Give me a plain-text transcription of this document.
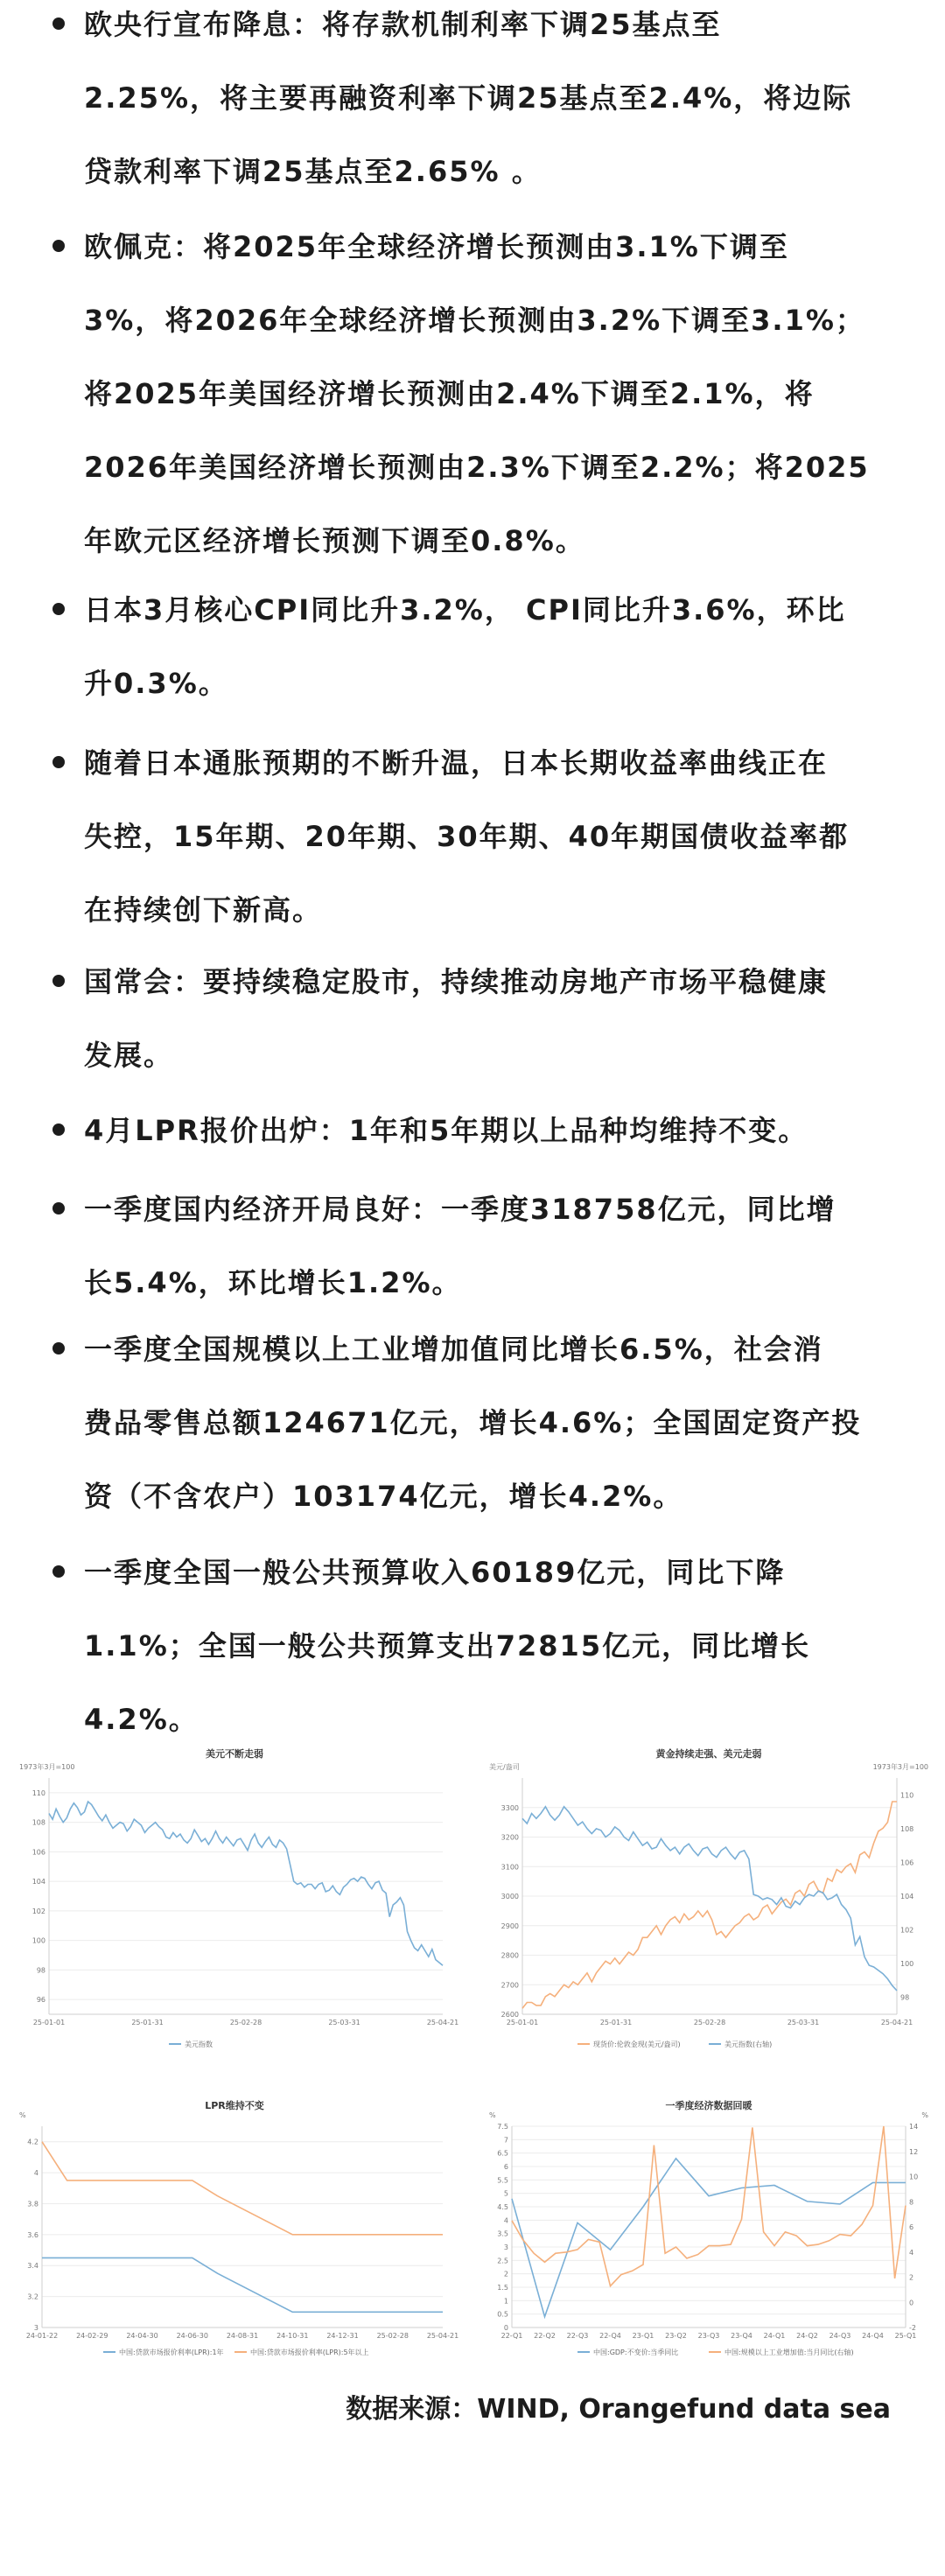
欧央行宣布降息：将存款机制利率下调25基点至
2.25%，将主要再融资利率下调25基点至2.4%，将边际
贷款利率下调25基点至2.65% 。
欧佩克：将2025年全球经济增长预测由3.1%下调至
3%，将2026年全球经济增长预测由3.2%下调至3.1%；
将2025年美国经济增长预测由2.4%下调至2.1%，将
2026年美国经济增长预测由2.3%下调至2.2%；将2025
年欧元区经济增长预测下调至0.8%。
日本3月核心CPI同比升3.2%， CPI同比升3.6%，环比
升0.3%。
随着日本通胀预期的不断升温，日本长期收益率曲线正在
失控，15年期、20年期、30年期、40年期国债收益率都
在持续创下新高。
国常会：要持续稳定股市，持续推动房地产市场平稳健康
发展。
4月LPR报价出炉：1年和5年期以上品种均维持不变。
一季度国内经济开局良好：一季度318758亿元，同比增
长5.4%，环比增长1.2%。
一季度全国规模以上工业增加值同比增长6.5%，社会消
费品零售总额124671亿元，增长4.6%；全国固定资产投
资（不含农户）103174亿元，增长4.2%。
一季度全国一般公共预算收入60189亿元，同比下降
1.1%；全国一般公共预算支出72815亿元，同比增长
4.2%。
美元不断走弱
1973年3月=100
96
98
100
102
104
106
108
110
25-01-01	25-01-31	25-02-28	25-03-31	25-04-21
美元指数
黄金持续走强、美元走弱
美元/盎司	1973年3月=100
2600
2700
2800
2900
3000
3100
3200
3300
98
100
102
104
106
108
110
25-01-01	25-01-31	25-02-28	25-03-31	25-04-21
现货价:伦敦金现(美元/盎司)	美元指数(右轴)
LPR维持不变
%
3
3.2
3.4
3.6
3.8
4
4.2
24-01-22	24-02-29	24-04-30	24-06-30	24-08-31	24-10-31	24-12-31	25-02-28	25-04-21
中国:贷款市场报价利率(LPR):1年	中国:贷款市场报价利率(LPR):5年以上
一季度经济数据回暖
%	%
0
0.5
1
1.5
2
2.5
3
3.5
4
4.5
5
5.5
6
6.5
7
7.5
-2
0
2
4
6
8
10
12
14
22-Q1 22-Q2 22-Q3 22-Q4 23-Q1 23-Q2 23-Q3 23-Q4 24-Q1 24-Q2 24-Q3 24-Q4 25-Q1
中国:GDP:不变价:当季同比	中国:规模以上工业增加值:当月同比(右轴)
数据来源：WIND, Orangefund data sea
